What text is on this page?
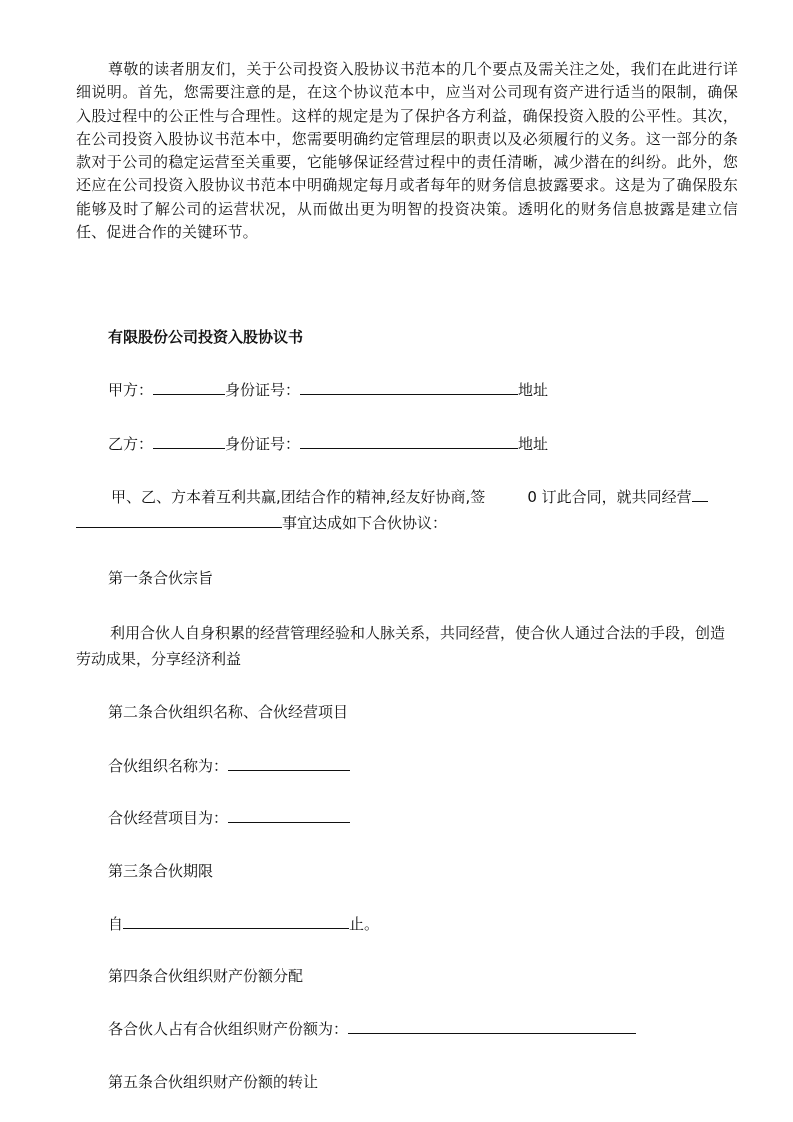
尊敬的读者朋友们，关于公司投资入股协议书范本的几个要点及需关注之处，我们在此进行详细说明。首先，您需要注意的是，在这个协议范本中，应当对公司现有资产进行适当的限制，确保入股过程中的公正性与合理性。这样的规定是为了保护各方利益，确保投资入股的公平性。其次，在公司投资入股协议书范本中，您需要明确约定管理层的职责以及必须履行的义务。这一部分的条款对于公司的稳定运营至关重要，它能够保证经营过程中的责任清晰，减少潜在的纠纷。此外，您还应在公司投资入股协议书范本中明确规定每月或者每年的财务信息披露要求。这是为了确保股东能够及时了解公司的运营状况，从而做出更为明智的投资决策。透明化的财务信息披露是建立信任、促进合作的关键环节。

有限股份公司投资入股协议书
甲方：	身份证号：	地址
乙方：	身份证号：	地址
甲、乙、方本着互利共赢,团结合作的精神,经友好协商,签	0 订此合同，就共同经营
事宜达成如下合伙协议：
第一条合伙宗旨

利用合伙人自身积累的经营管理经验和人脉关系，共同经营，使合伙人通过合法的手段，创造劳动成果，分享经济利益

第二条合伙组织名称、合伙经营项目
合伙组织名称为：
合伙经营项目为：
第三条合伙期限
自	止。
第四条合伙组织财产份额分配
各合伙人占有合伙组织财产份额为：
第五条合伙组织财产份额的转让
